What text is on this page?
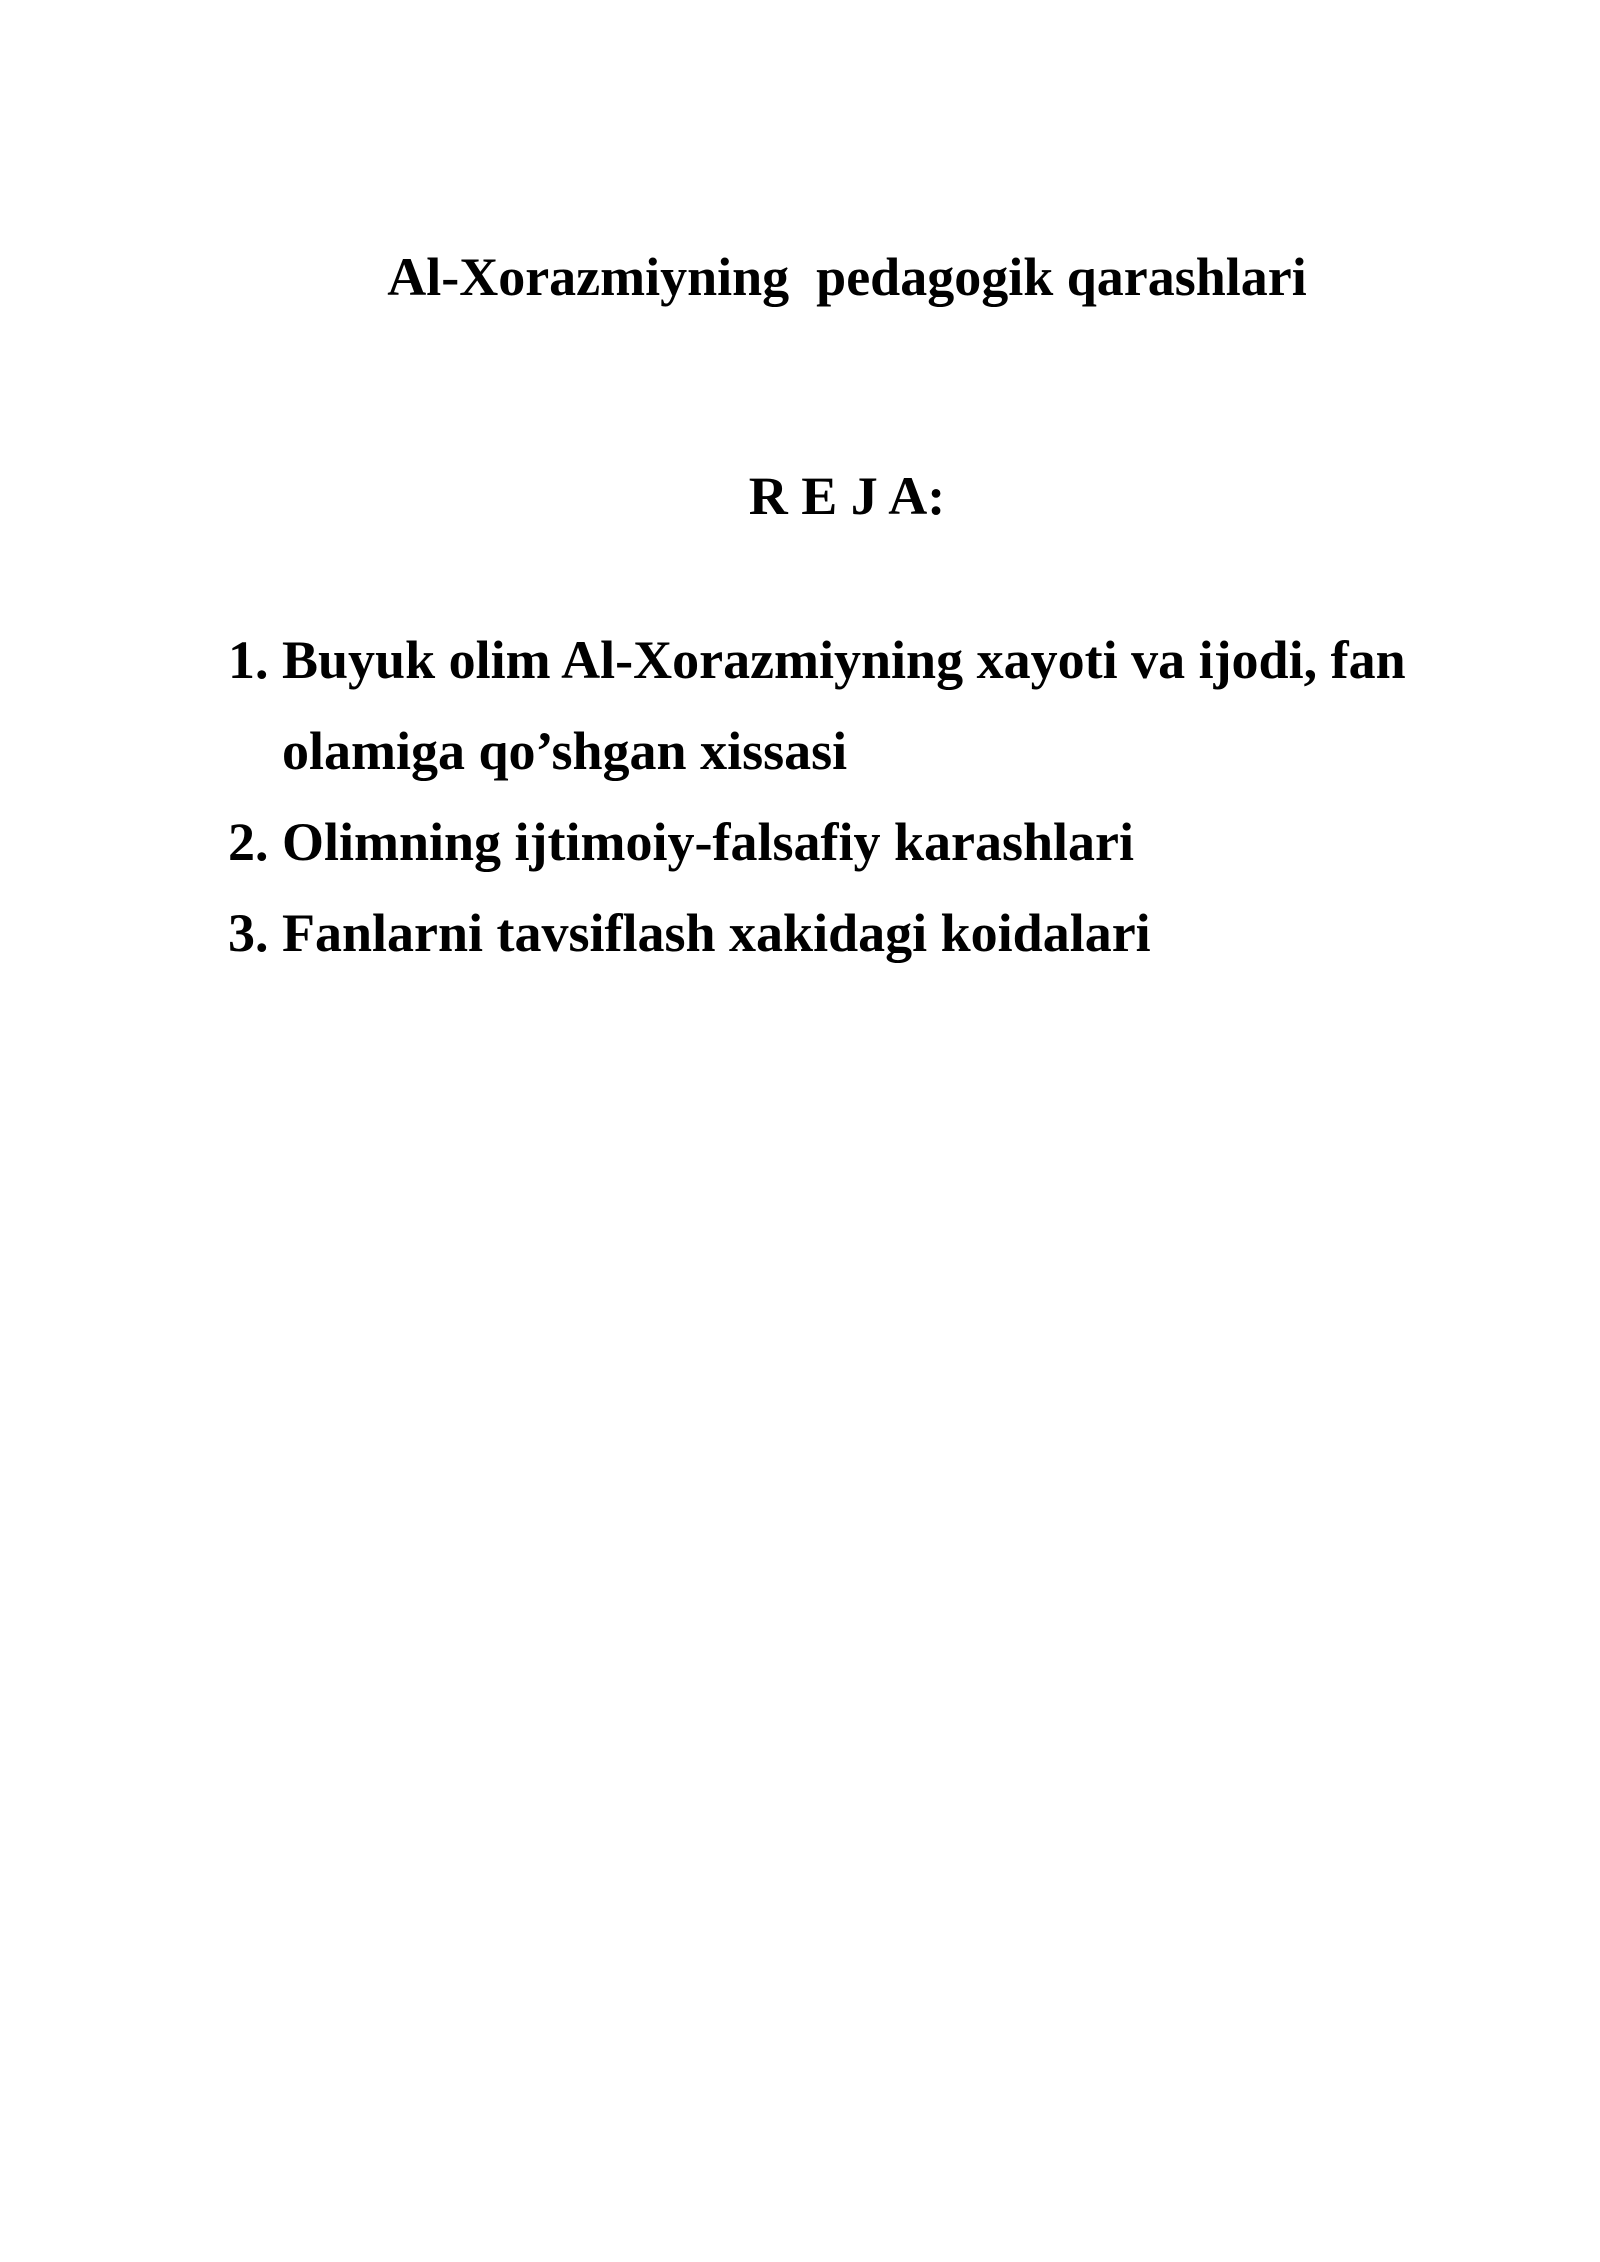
Al-Xorazmiyning  pedagogik qarashlari
R E J A:
1. Buyuk olim Al-Xorazmiyning xayoti va ijodi, fan olamiga qo’shgan xissasi
2. Olimning ijtimoiy-falsafiy karashlari
3. Fanlarni tavsiflash xakidagi koidalari
